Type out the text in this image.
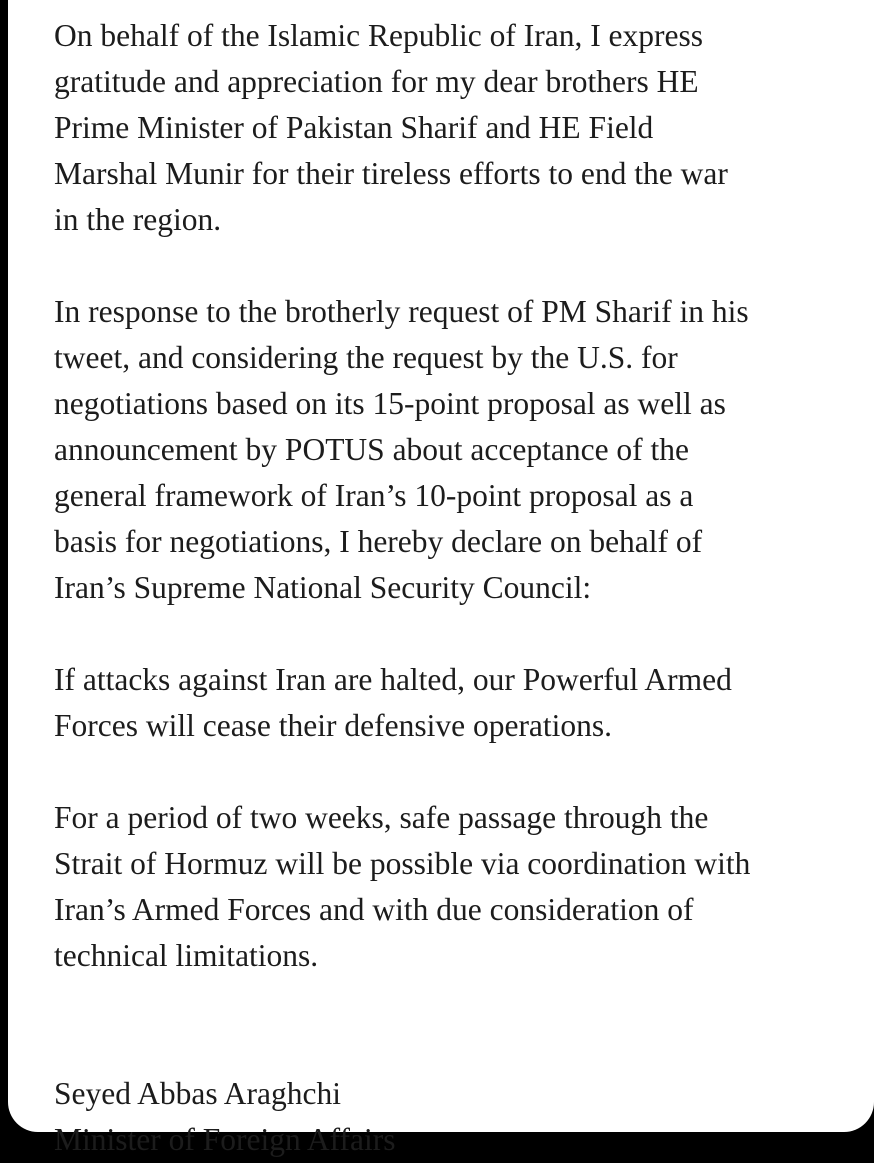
On behalf of the Islamic Republic of Iran, I express
gratitude and appreciation for my dear brothers HE
Prime Minister of Pakistan Sharif and HE Field
Marshal Munir for their tireless efforts to end the war
in the region.
In response to the brotherly request of PM Sharif in his
tweet, and considering the request by the U.S. for
negotiations based on its 15-point proposal as well as
announcement by POTUS about acceptance of the
general framework of Iran’s 10-point proposal as a
basis for negotiations, I hereby declare on behalf of
Iran’s Supreme National Security Council:
If attacks against Iran are halted, our Powerful Armed
Forces will cease their defensive operations.
For a period of two weeks, safe passage through the
Strait of Hormuz will be possible via coordination with
Iran’s Armed Forces and with due consideration of
technical limitations.
Seyed Abbas Araghchi
Minister of Foreign Affairs
